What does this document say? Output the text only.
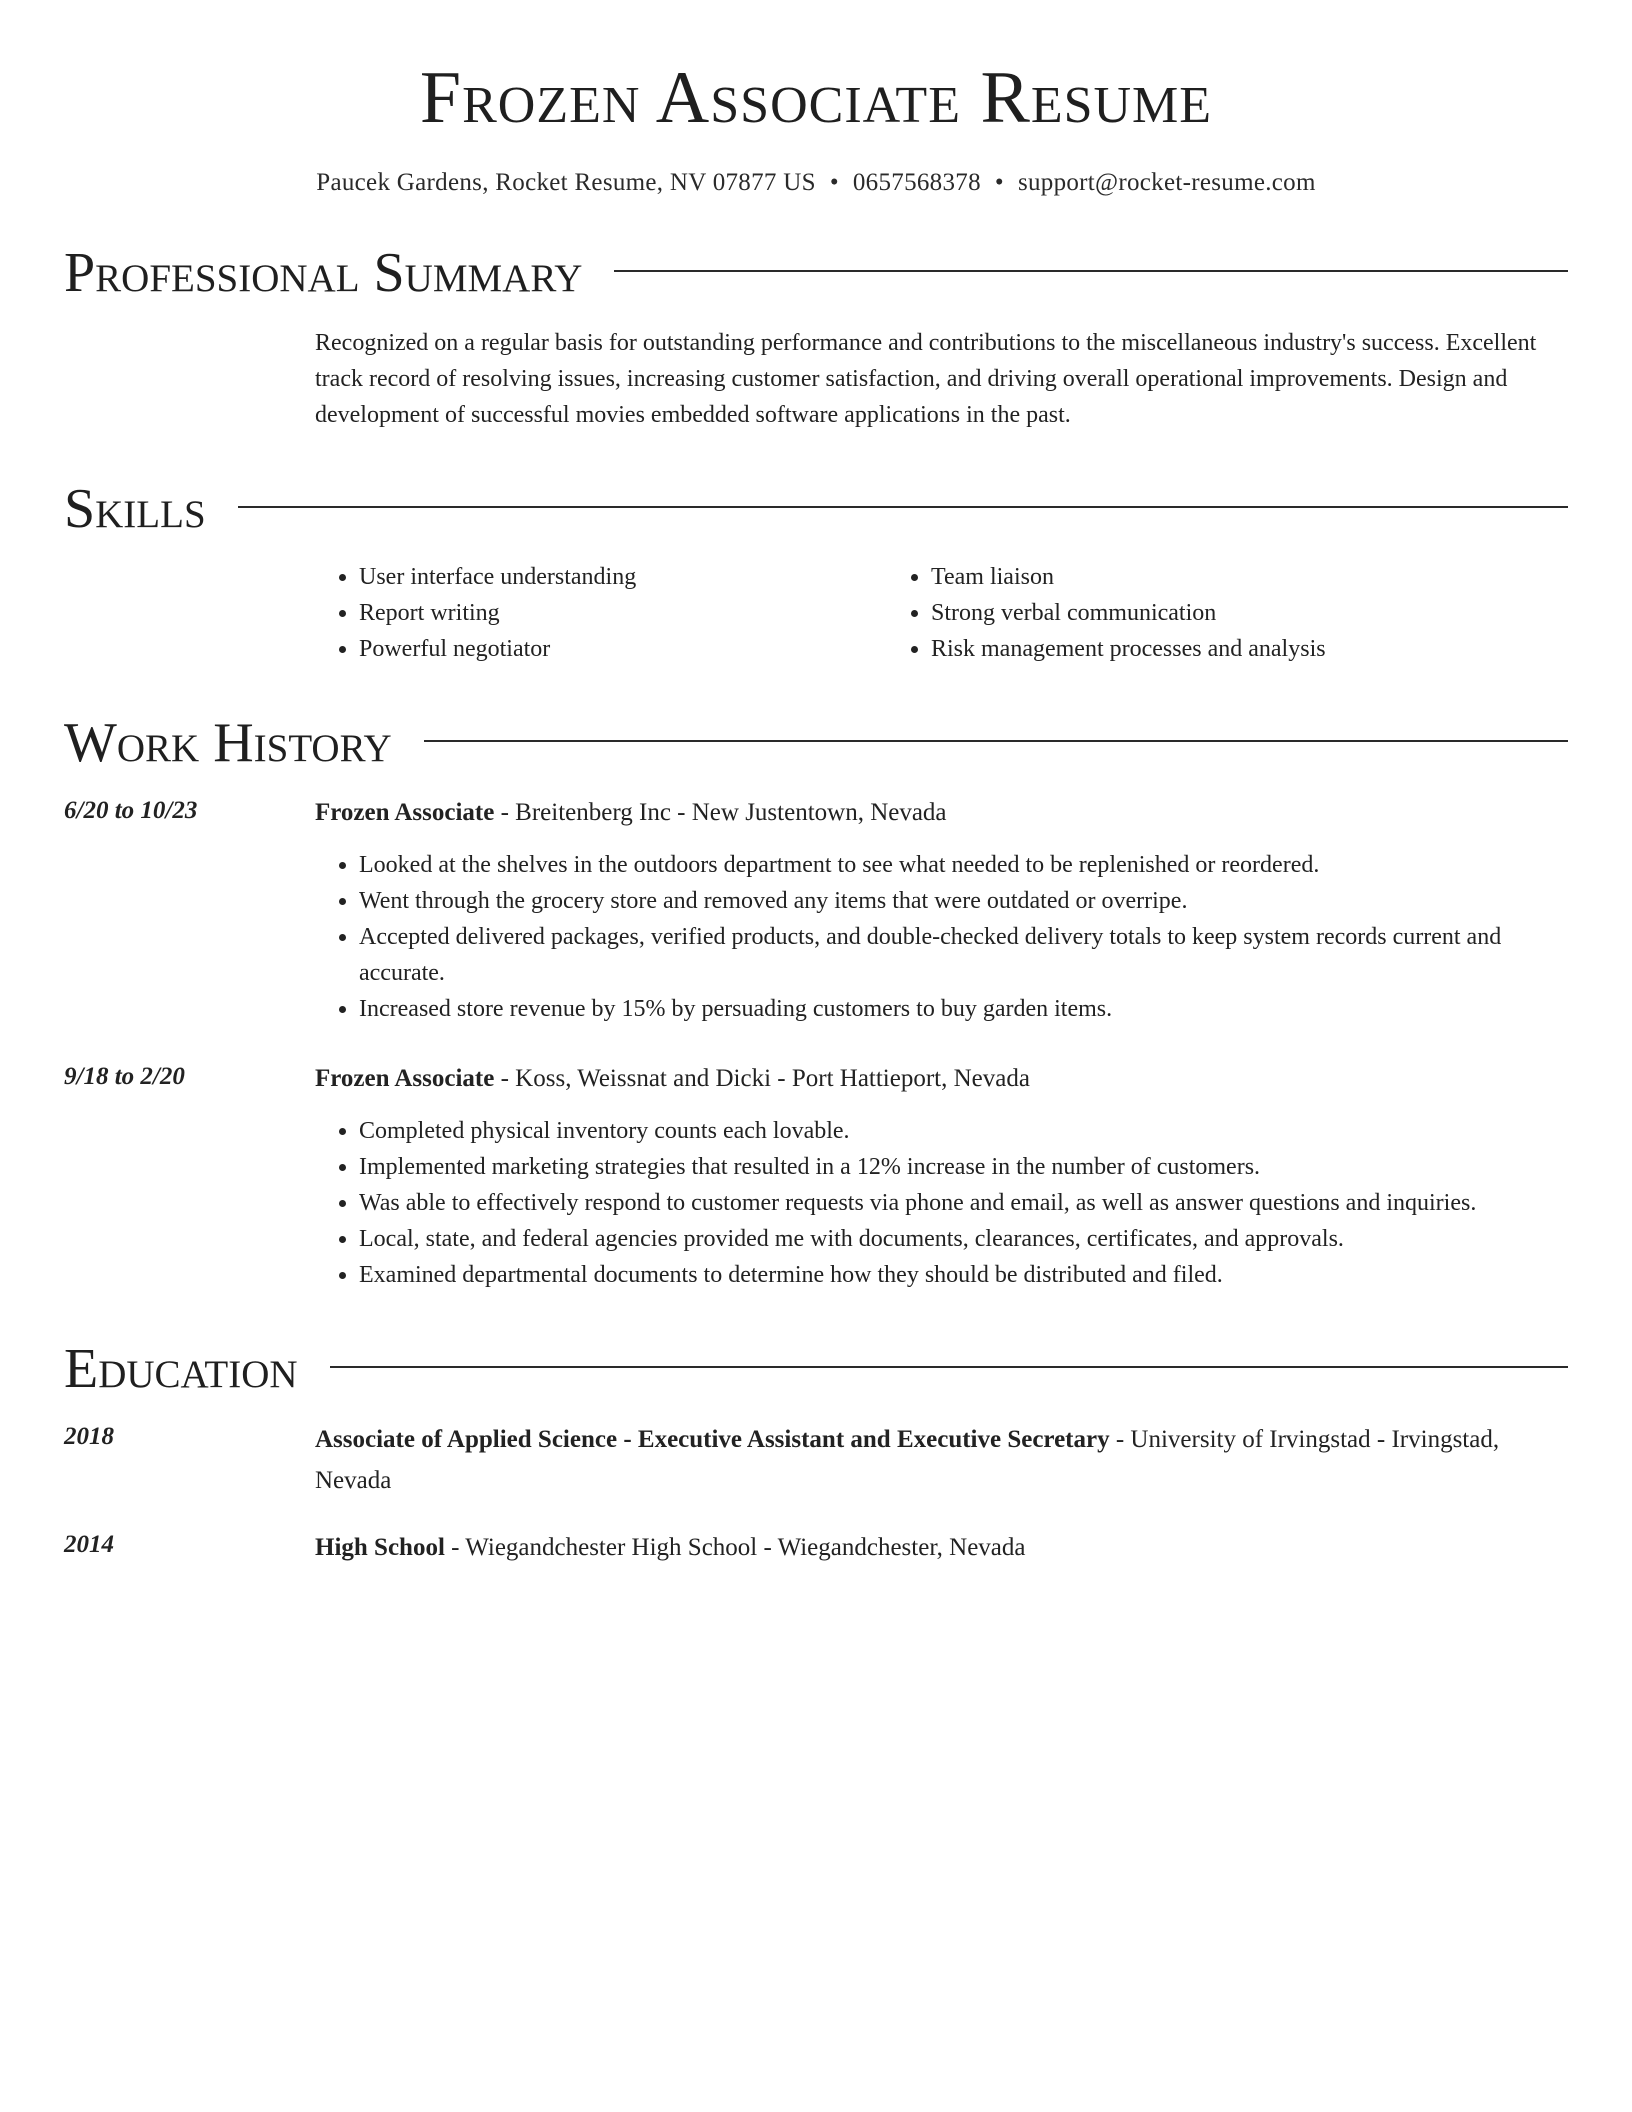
Frozen Associate Resume
Paucek Gardens, Rocket Resume, NV 07877 US • 0657568378 • support@rocket-resume.com
Professional Summary

Recognized on a regular basis for outstanding performance and contributions to the miscellaneous industry's success. Excellent track record of resolving issues, increasing customer satisfaction, and driving overall operational improvements. Design and development of successful movies embedded software applications in the past.

Skills
• User interface understanding
• Report writing
• Powerful negotiator
• Team liaison
• Strong verbal communication
• Risk management processes and analysis
Work History
6/20 to 10/23	Frozen Associate - Breitenberg Inc - New Justentown, Nevada
• Looked at the shelves in the outdoors department to see what needed to be replenished or reordered.
• Went through the grocery store and removed any items that were outdated or overripe.
• Accepted delivered packages, verified products, and double-checked delivery totals to keep system records current and accurate.
• Increased store revenue by 15% by persuading customers to buy garden items.
9/18 to 2/20	Frozen Associate - Koss, Weissnat and Dicki - Port Hattieport, Nevada
• Completed physical inventory counts each lovable.
• Implemented marketing strategies that resulted in a 12% increase in the number of customers.
• Was able to effectively respond to customer requests via phone and email, as well as answer questions and inquiries.
• Local, state, and federal agencies provided me with documents, clearances, certificates, and approvals.
• Examined departmental documents to determine how they should be distributed and filed.
Education
2018	Associate of Applied Science - Executive Assistant and Executive Secretary - University of Irvingstad - Irvingstad, Nevada
2014	High School - Wiegandchester High School - Wiegandchester, Nevada
